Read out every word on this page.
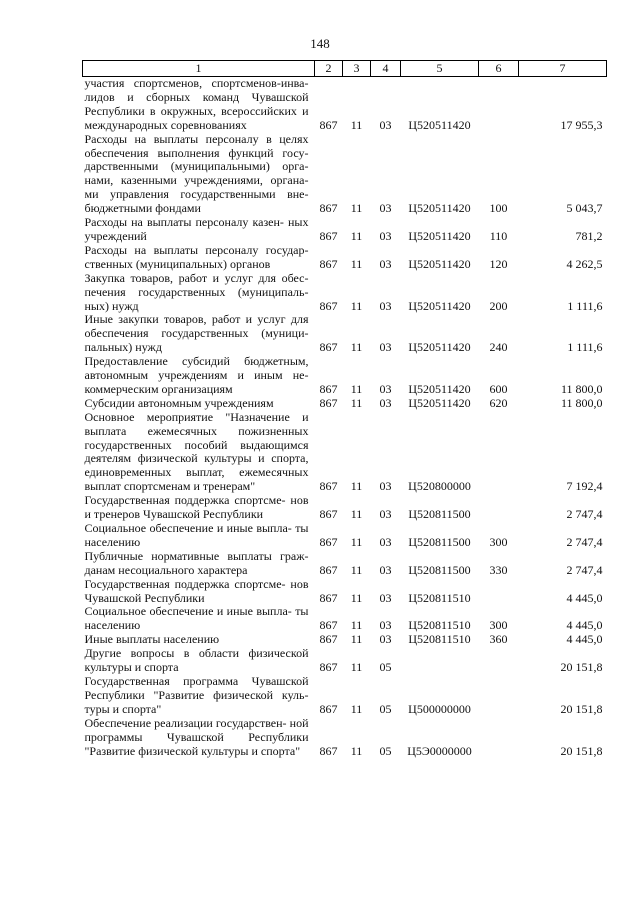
148
1	2	3	4	5	6	7
участия спортсменов, спортсменов-инва- лидов и сборных команд Чувашской Республики в окружных, всероссийских и международных соревнованиях	867	11	03	Ц520511420		17 955,3
Расходы на выплаты персоналу в целях обеспечения выполнения функций госу- дарственными (муниципальными) орга- нами, казенными учреждениями, органа- ми управления государственными вне- бюджетными фондами	867	11	03	Ц520511420	100	5 043,7
Расходы на выплаты персоналу казен- ных учреждений	867	11	03	Ц520511420	110	781,2
Расходы на выплаты персоналу государ- ственных (муниципальных) органов	867	11	03	Ц520511420	120	4 262,5
Закупка товаров, работ и услуг для обес- печения государственных (муниципаль- ных) нужд	867	11	03	Ц520511420	200	1 111,6
Иные закупки товаров, работ и услуг для обеспечения государственных (муници- пальных) нужд	867	11	03	Ц520511420	240	1 111,6
Предоставление субсидий бюджетным, автономным учреждениям и иным не- коммерческим организациям	867	11	03	Ц520511420	600	11 800,0
Субсидии автономным учреждениям	867	11	03	Ц520511420	620	11 800,0
Основное мероприятие "Назначение и выплата ежемесячных пожизненных государственных пособий выдающимся деятелям физической культуры и спорта, единовременных выплат, ежемесячных выплат спортсменам и тренерам"	867	11	03	Ц520800000		7 192,4
Государственная поддержка спортсме- нов и тренеров Чувашской Республики	867	11	03	Ц520811500		2 747,4
Социальное обеспечение и иные выпла- ты населению	867	11	03	Ц520811500	300	2 747,4
Публичные нормативные выплаты граж- данам несоциального характера	867	11	03	Ц520811500	330	2 747,4
Государственная поддержка спортсме- нов Чувашской Республики	867	11	03	Ц520811510		4 445,0
Социальное обеспечение и иные выпла- ты населению	867	11	03	Ц520811510	300	4 445,0
Иные выплаты населению	867	11	03	Ц520811510	360	4 445,0
Другие вопросы в области физической культуры и спорта	867	11	05			20 151,8
Государственная программа Чувашской Республики "Развитие физической куль- туры и спорта"	867	11	05	Ц500000000		20 151,8
Обеспечение реализации государствен- ной программы Чувашской Республики "Развитие физической культуры и спорта"	867	11	05	Ц5Э0000000		20 151,8
